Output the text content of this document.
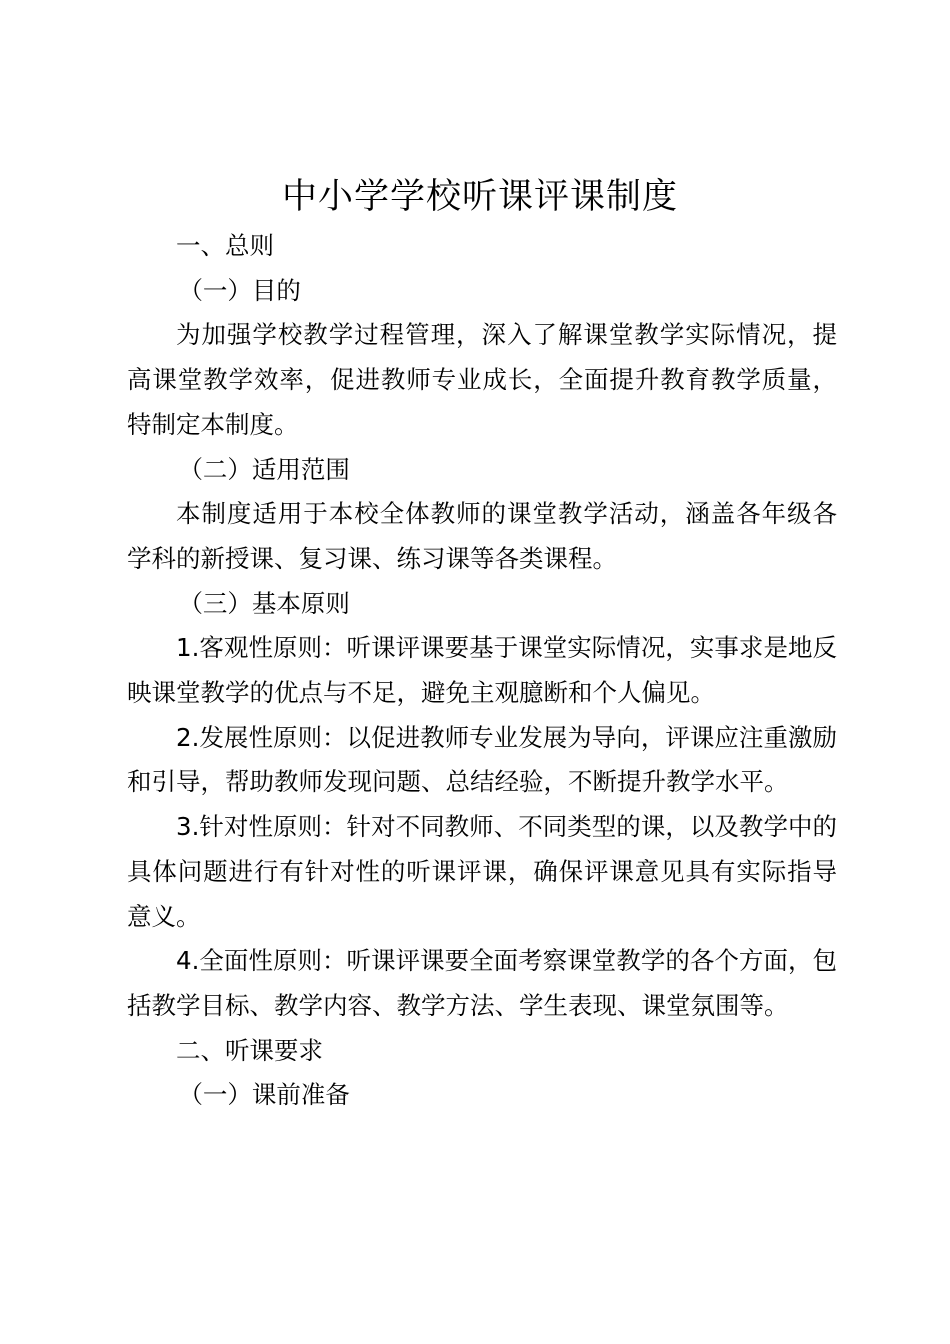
中小学学校听课评课制度

一、总则

（一）目的

为加强学校教学过程管理，深入了解课堂教学实际情况，提高课堂教学效率，促进教师专业成长，全面提升教育教学质量，特制定本制度。

（二）适用范围

本制度适用于本校全体教师的课堂教学活动，涵盖各年级各学科的新授课、复习课、练习课等各类课程。

（三）基本原则

1.客观性原则：听课评课要基于课堂实际情况，实事求是地反映课堂教学的优点与不足，避免主观臆断和个人偏见。

2.发展性原则：以促进教师专业发展为导向，评课应注重激励和引导，帮助教师发现问题、总结经验，不断提升教学水平。

3.针对性原则：针对不同教师、不同类型的课，以及教学中的具体问题进行有针对性的听课评课，确保评课意见具有实际指导意义。

4.全面性原则：听课评课要全面考察课堂教学的各个方面，包括教学目标、教学内容、教学方法、学生表现、课堂氛围等。

二、听课要求

（一）课前准备
